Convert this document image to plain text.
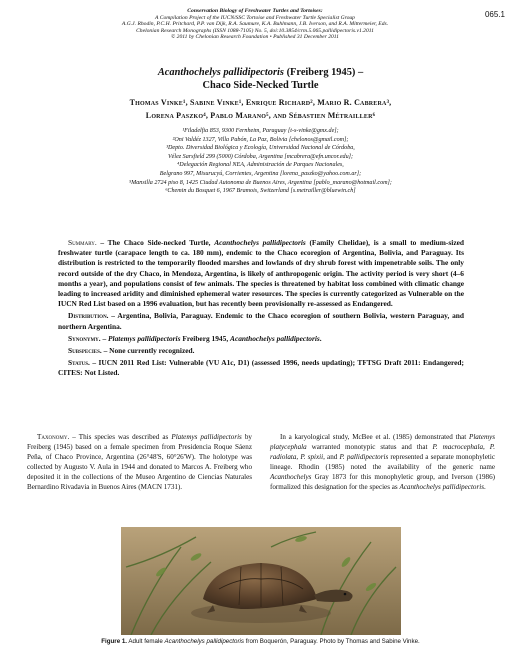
Conservation Biology of Freshwater Turtles and Tortoises:
A Compilation Project of the IUCN/SSC Tortoise and Freshwater Turtle Specialist Group
A.G.J. Rhodin, P.C.H. Pritchard, P.P. van Dijk, R.A. Saumure, K.A. Buhlmann, J.B. Iverson, and R.A. Mittermeier, Eds.
Chelonian Research Monographs (ISSN 1088-7105) No. 5, doi:10.3854/crm.5.065.pallidipectoris.v1.2011
© 2011 by Chelonian Research Foundation • Published 31 December 2011
065.1
Acanthochelys pallidipectoris (Freiberg 1945) –
Chaco Side-Necked Turtle
Thomas Vinke¹, Sabine Vinke¹, Enrique Richard², Mario R. Cabrera³,
Lorena Paszko⁴, Pablo Marano⁵, and Sébastien Métrailler⁶
¹Filadelfia 853, 9300 Fernheim, Paraguay [t-s-vinke@gmx.de];
²Oni Valdéz 1327, Villa Pabón, La Paz, Bolivia [chelonos@gmail.com];
³Depto. Diversidad Biológica y Ecología, Universidad Nacional de Córdoba,
Vélez Sarsfield 299 (5000) Córdoba, Argentina [mcabrera@efn.uncor.edu];
⁴Delegación Regional NEA, Administración de Parques Nacionales,
Belgrano 997, Misurucyú, Corrientes, Argentina [lorena_paszko@yahoo.com.ar];
⁵Mansilla 2724 piso 8, 1425 Ciudad Autonoma de Buenos Aires, Argentina [pablo_marano@hotmail.com];
⁶Chemin du Bosquet 6, 1967 Bramois, Switzerland [s.metrailler@bluewin.ch]

Summary. – The Chaco Side-necked Turtle, Acanthochelys pallidipectoris (Family Chelidae), is a small to medium-sized freshwater turtle (carapace length to ca. 180 mm), endemic to the Chaco ecoregion of Argentina, Bolivia, and Paraguay. Its distribution is restricted to the temporarily flooded marshes and lowlands of dry shrub forest with impenetrable soils. The only record outside of the dry Chaco, in Mendoza, Argentina, is likely of anthropogenic origin. The activity period is very short (4–6 months a year), and populations consist of few animals. The species is threatened by habitat loss combined with climatic change leading to increased aridity and diminished ephemeral water resources. The species is currently categorized as Vulnerable on the IUCN Red List based on a 1996 evaluation, but has recently been provisionally re-assessed as Endangered.

Distribution. – Argentina, Bolivia, Paraguay. Endemic to the Chaco ecoregion of southern Bolivia, western Paraguay, and northern Argentina.

Synonymy. – Platemys pallidipectoris Freiberg 1945, Acanthochelys pallidipectoris.

Subspecies. – None currently recognized.

Status. – IUCN 2011 Red List: Vulnerable (VU A1c, D1) (assessed 1996, needs updating); TFTSG Draft 2011: Endangered; CITES: Not Listed.

Taxonomy. – This species was described as Platemys pallidipectoris by Freiberg (1945) based on a female specimen from Presidencia Roque Sáenz Peña, of Chaco Province, Argentina (26°48'S, 60°26'W). The holotype was collected by Augusto V. Aula in 1944 and donated to Marcos A. Freiberg who deposited it in the collections of the Museo Argentino de Ciencias Naturales Bernardino Rivadavia in Buenos Aires (MACN 1731).

In a karyological study, McBee et al. (1985) demonstrated that Platemys platycephala warranted monotypic status and that P. macrocephala, P. radiolata, P. spixii, and P. pallidipectoris represented a separate monophyletic lineage. Rhodin (1985) noted the availability of the generic name Acanthochelys Gray 1873 for this monophyletic group, and Iverson (1986) formalized this designation for the species as Acanthochelys pallidipectoris.

Figure 1. Adult female Acanthochelys pallidipectoris from Boquerón, Paraguay. Photo by Thomas and Sabine Vinke.
